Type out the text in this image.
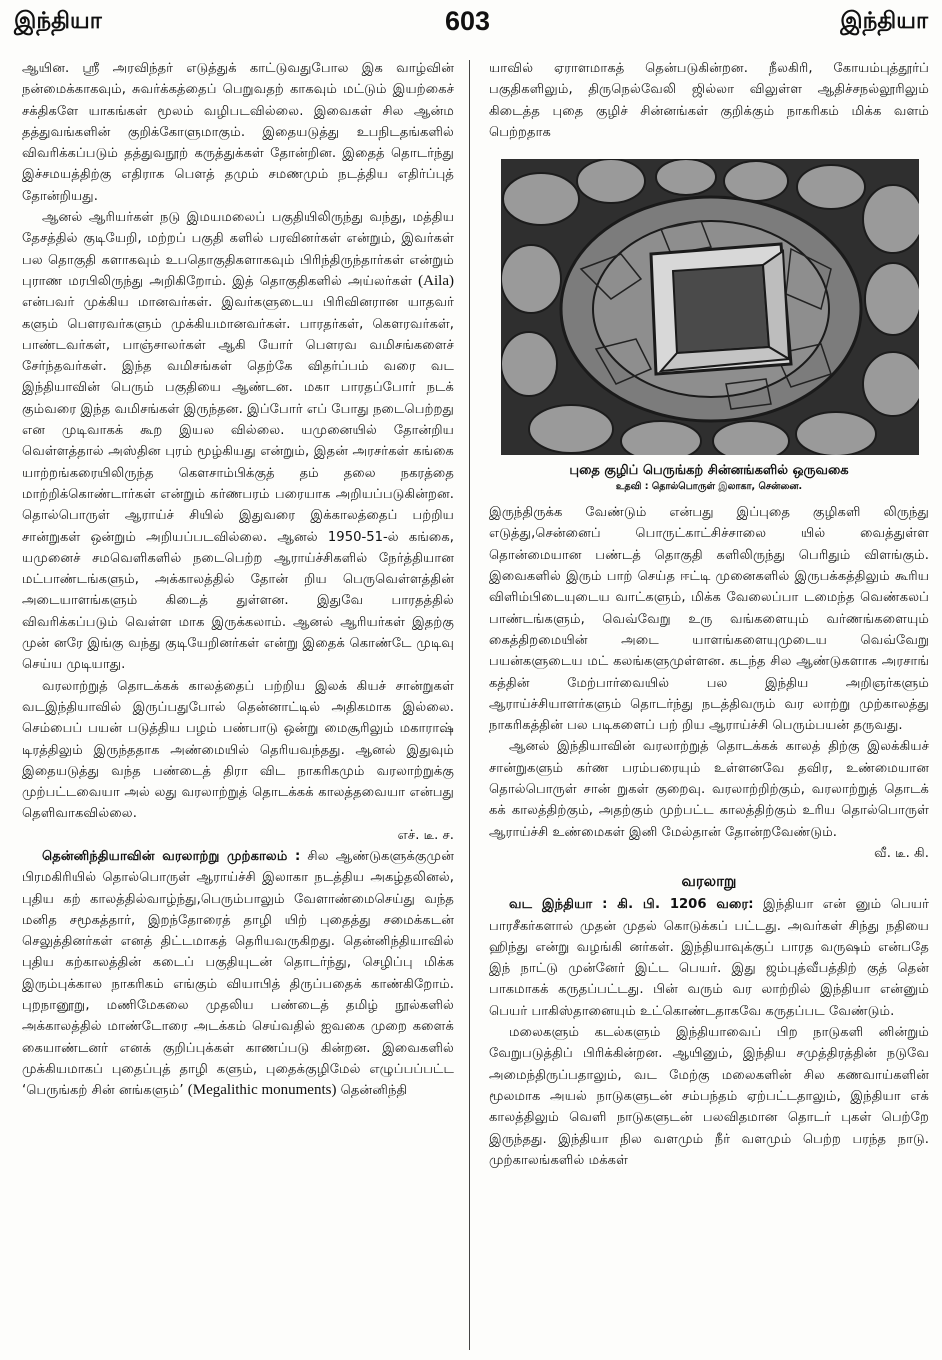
இந்தியா	603	இந்தியா

ஆயின. ஸ்ரீ அரவிந்தர் எடுத்துக் காட்டுவதுபோல இக வாழ்வின் நன்மைக்காகவும், சுவர்க்கத்தைப் பெறுவதற் காகவும் மட்டும் இயற்கைச் சக்திகளே யாகங்கள் மூலம் வழிபடவில்லை. இவைகள் சில ஆன்ம தத்துவங்களின் குறிக்கோளுமாகும். இதையடுத்து உபநிடதங்களில் விவரிக்கப்படும் தத்துவநூற் கருத்துக்கள் தோன்றின. இதைத் தொடர்ந்து இச்சமயத்திற்கு எதிராக பௌத் தமும் சமணமும் நடத்திய எதிர்ப்புத் தோன்றியது.

ஆனல் ஆரியர்கள் நடு இமயமலைப் பகுதியிலிருந்து வந்து, மத்திய தேசத்தில் குடியேறி, மற்றப் பகுதி களில் பரவினர்கள் என்றும், இவர்கள் பல தொகுதி களாகவும் உபதொகுதிகளாகவும் பிரிந்திருந்தார்கள் என்றும் புராண மரபிலிருந்து அறிகிறோம். இத் தொகுதிகளில் அய்லர்கள் (Aila) என்பவர் முக்கிய மானவர்கள். இவர்களுடைய பிரிவினரான யாதவர் களும் பௌரவர்களும் முக்கியமானவர்கள். பாரதர்கள், கௌரவர்கள், பாண்டவர்கள், பாஞ்சாலர்கள் ஆகி யோர் பௌரவ வமிசங்களைச் சேர்ந்தவர்கள். இந்த வமிசங்கள் தெற்கே விதர்ப்பம் வரை வட இந்தியாவின் பெரும் பகுதியை ஆண்டன. மகா பாரதப்போர் நடக் கும்வரை இந்த வமிசங்கள் இருந்தன. இப்போர் எப் போது நடைபெற்றது என முடிவாகக் கூற இயல வில்லை. யமுனையில் தோன்றிய வெள்ளத்தால் அஸ்தின புரம் மூழ்கியது என்றும், இதன் அரசர்கள் கங்கை யாற்றங்கரையிலிருந்த கௌசாம்பிக்குத் தம் தலை நகரத்தை மாற்றிக்கொண்டார்கள் என்றும் கர்ணபரம் பரையாக அறியப்படுகின்றன. தொல்பொருள் ஆராய்ச் சியில் இதுவரை இக்காலத்தைப் பற்றிய சான்றுகள் ஒன்றும் அறியப்படவில்லை. ஆனல் 1950-51-ல் கங்கை, யமுனைச் சமவெளிகளில் நடைபெற்ற ஆராய்ச்சிகளில் நேர்த்தியான மட்பாண்டங்களும், அக்காலத்தில் தோன் றிய பெருவெள்ளத்தின் அடையாளங்களும் கிடைத் துள்ளன. இதுவே பாரதத்தில் விவரிக்கப்படும் வெள்ள மாக இருக்கலாம். ஆனல் ஆரியர்கள் இதற்கு முன் னரே இங்கு வந்து குடியேறினர்கள் என்று இதைக் கொண்டே முடிவு செய்ய முடியாது.

வரலாற்றுத் தொடக்கக் காலத்தைப் பற்றிய இலக் கியச் சான்றுகள் வடஇந்தியாவில் இருப்பதுபோல் தென்னாட்டில் அதிகமாக இல்லை. செம்பைப் பயன் படுத்திய பழம் பண்பாடு ஒன்று மைசூரிலும் மகாராஷ் டிரத்திலும் இருந்ததாக அண்மையில் தெரியவந்தது. ஆனல் இதுவும் இதையடுத்து வந்த பண்டைத் திரா விட நாகரிகமும் வரலாற்றுக்கு முற்பட்டவையா அல் லது வரலாற்றுத் தொடக்கக் காலத்தவையா என்பது தெளிவாகவில்லை.
எச். டீ. ச.

தென்னிந்தியாவின் வரலாற்று முற்காலம் : சில ஆண்டுகளுக்குமுன் பிரமகிரியில் தொல்பொருள் ஆராய்ச்சி இலாகா நடத்திய அகழ்தலினல், புதிய கற் காலத்தில்வாழ்ந்து,பெரும்பாலும் வேளாண்மைசெய்து வந்த மனித சமூகத்தார், இறந்தோரைத் தாழி யிற் புதைத்து சமைக்கடன் செலுத்தினர்கள் எனத் திட்டமாகத் தெரியவருகிறது. தென்னிந்தியாவில் புதிய கற்காலத்தின் கடைப் பகுதியுடன் தொடர்ந்து, செழிப்பு மிக்க இரும்புக்கால நாகரிகம் எங்கும் வியாபித் திருப்பதைக் காண்கிறோம். புறநானூறு, மணிமேகலை முதலிய பண்டைத் தமிழ் நூல்களில் அக்காலத்தில் மாண்டோரை அடக்கம் செய்வதில் ஐவகை முறை களைக் கையாண்டனர் எனக் குறிப்புக்கள் காணப்படு கின்றன. இவைகளில் முக்கியமாகப் புதைப்புத் தாழி களும், புதைக்குழிமேல் எழுப்பப்பட்ட ‘பெருங்கற் சின் னங்களும்’ (Megalithic monuments) தென்னிந்தி

யாவில் ஏராளமாகத் தென்படுகின்றன. நீலகிரி, கோயம்புத்தூர்ப் பகுதிகளிலும், திருநெல்வேலி ஜில்லா விலுள்ள ஆதிச்சநல்லூரிலும் கிடைத்த புதை குழிச் சின்னங்கள் குறிக்கும் நாகரிகம் மிக்க வளம் பெற்றதாக

புதை குழிப் பெருங்கற் சின்னங்களில் ஒருவகை
உதவி : தொல்பொருள் இலாகா, சென்னை.

இருந்திருக்க வேண்டும் என்பது இப்புதை குழிகளி லிருந்து எடுத்து,சென்னைப் பொருட்காட்சிச்சாலை யில் வைத்துள்ள தொன்மையான பண்டத் தொகுதி களிலிருந்து பெரிதும் விளங்கும். இவைகளில் இரும் பாற் செய்த ஈட்டி முனைகளில் இருபக்கத்திலும் கூரிய விளிம்பிடையுடைய வாட்களும், மிக்க வேலைப்பா டமைந்த வெண்கலப் பாண்டங்களும், வெவ்வேறு உரு வங்களையும் வர்ணங்களையும் கைத்திறமையின் அடை யாளங்களையுமுடைய வெவ்வேறு பயன்களுடைய மட் கலங்களுமுள்ளன. கடந்த சில ஆண்டுகளாக அரசாங் கத்தின் மேற்பார்வையில் பல இந்திய அறிஞர்களும் ஆராய்ச்சியாளர்களும் தொடர்ந்து நடத்திவரும் வர லாற்று முற்காலத்து நாகரிகத்தின் பல படிகளைப் பற் றிய ஆராய்ச்சி பெரும்பயன் தருவது.

ஆனல் இந்தியாவின் வரலாற்றுத் தொடக்கக் காலத் திற்கு இலக்கியச் சான்றுகளும் கர்ண பரம்பரையும் உள்ளனவே தவிர, உண்மையான தொல்பொருள் சான் றுகள் குறைவு. வரலாற்றிற்கும், வரலாற்றுத் தொடக் கக் காலத்திற்கும், அதற்கும் முற்பட்ட காலத்திற்கும் உரிய தொல்பொருள் ஆராய்ச்சி உண்மைகள் இனி மேல்தான் தோன்றவேண்டும்.
வீ. டீ. கி.

வரலாறு

வட இந்தியா : கி. பி. 1206 வரை: இந்தியா என் னும் பெயர் பாரசீகர்களால் முதன் முதல் கொடுக்கப் பட்டது. அவர்கள் சிந்து நதியை ஹிந்து என்று வழங்கி னர்கள். இந்தியாவுக்குப் பாரத வருஷம் என்பதே இந் நாட்டு முன்னேர் இட்ட பெயர். இது ஜம்புத்வீபத்திற் குத் தென் பாகமாகக் கருதப்பட்டது. பின் வரும் வர லாற்றில் இந்தியா என்னும் பெயர் பாகிஸ்தானையும் உட்கொண்டதாகவே கருதப்பட வேண்டும்.

மலைகளும் கடல்களும் இந்தியாவைப் பிற நாடுகளி னின்றும் வேறுபடுத்திப் பிரிக்கின்றன. ஆயினும், இந்திய சமுத்திரத்தின் நடுவே அமைந்திருப்பதாலும், வட மேற்கு மலைகளின் சில கணவாய்களின் மூலமாக அயல் நாடுகளுடன் சம்பந்தம் ஏற்பட்டதாலும், இந்தியா எக் காலத்திலும் வெளி நாடுகளுடன் பலவிதமான தொடர் புகள் பெற்றே இருந்தது. இந்தியா நில வளமும் நீர் வளமும் பெற்ற பரந்த நாடு. முற்காலங்களில் மக்கள்
